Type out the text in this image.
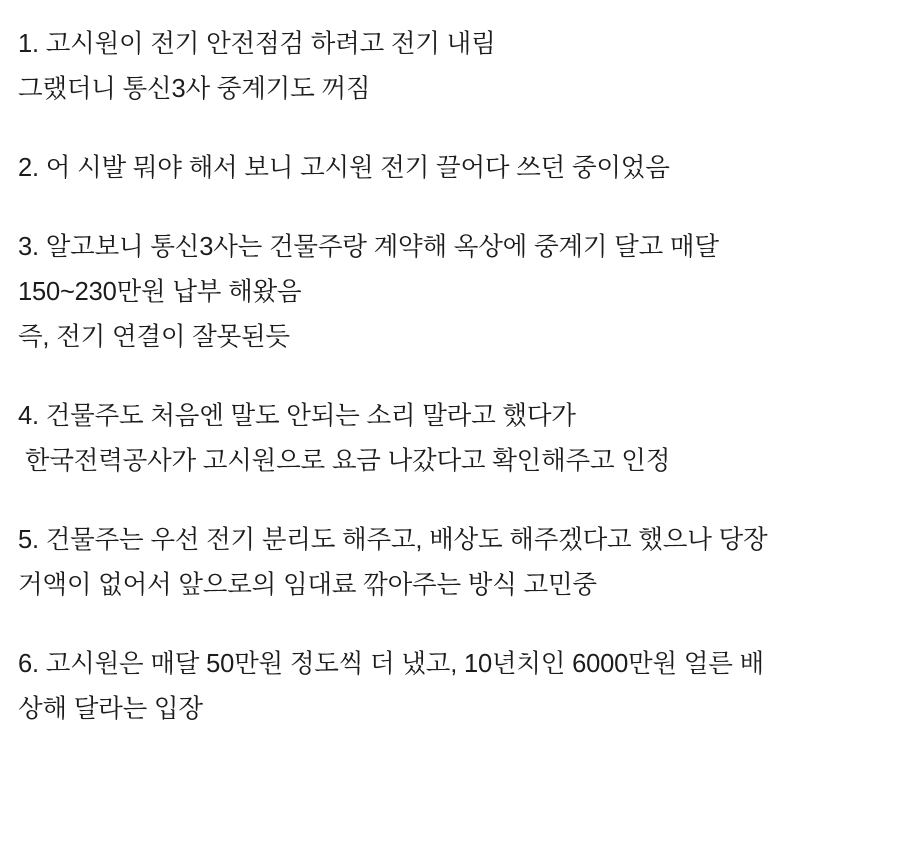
1. 고시원이 전기 안전점검 하려고 전기 내림
그랬더니 통신3사 중계기도 꺼짐
2. 어 시발 뭐야 해서 보니 고시원 전기 끌어다 쓰던 중이었음
3. 알고보니 통신3사는 건물주랑 계약해 옥상에 중계기 달고 매달
150~230만원 납부 해왔음
즉, 전기 연결이 잘못된듯
4. 건물주도 처음엔 말도 안되는 소리 말라고 했다가
한국전력공사가 고시원으로 요금 나갔다고 확인해주고 인정
5. 건물주는 우선 전기 분리도 해주고, 배상도 해주겠다고 했으나 당장
거액이 없어서 앞으로의 임대료 깎아주는 방식 고민중
6. 고시원은 매달 50만원 정도씩 더 냈고, 10년치인 6000만원 얼른 배
상해 달라는 입장
